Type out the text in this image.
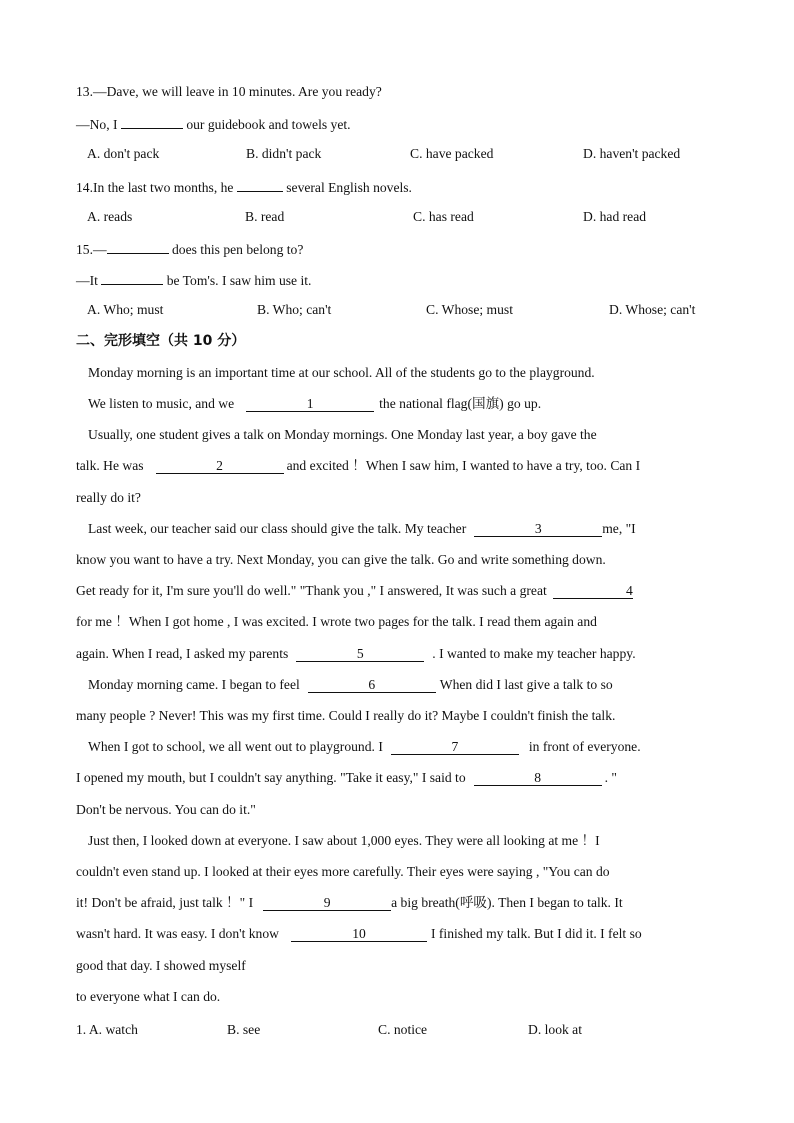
13.—Dave, we will leave in 10 minutes. Are you ready?
—No, I	our guidebook and towels yet.
A. don't pack	B. didn't pack	C. have packed	D. haven't packed
14.In the last two months, he	several English novels.
A. reads	B. read	C. has read	D. had read
15.—	does this pen belong to?
—It	be Tom's. I saw him use it.
A. Who; must	B. Who; can't	C. Whose; must	D. Whose; can't
二、完形填空（共 10 分）
Monday morning is an important time at our school. All of the students go to the playground.
We listen to music, and we	1	the national flag(国旗) go up.
Usually, one student gives a talk on Monday mornings. One Monday last year, a boy gave the
talk. He was	2	and excited ！When I saw him, I wanted to have a try, too. Can I
really do it?
Last week, our teacher said our class should give the talk. My teacher	3	me, "I
know you want to have a try. Next Monday, you can give the talk. Go and write something down.
Get ready for it, I'm sure you'll do well." "Thank you ," I answered, It was such a great	4
for me ！When I got home , I was excited. I wrote two pages for the talk. I read them again and
again. When I read, I asked my parents	5	. I wanted to make my teacher happy.
Monday morning came. I began to feel	6	When did I last give a talk to so
many people ? Never! This was my first time. Could I really do it? Maybe I couldn't finish the talk.
When I got to school, we all went out to playground. I	7	in front of everyone.
I opened my mouth, but I couldn't say anything. "Take it easy," I said to	8	. "
Don't be nervous. You can do it."
Just then, I looked down at everyone. I saw about 1,000 eyes. They were all looking at me ！I
couldn't even stand up. I looked at their eyes more carefully. Their eyes were saying , "You can do
it! Don't be afraid, just talk ！" I	9	a big breath(呼吸). Then I began to talk. It
wasn't hard. It was easy. I don't know	10	I finished my talk. But I did it. I felt so
good that day. I showed myself
to everyone what I can do.
1. A. watch	B. see	C. notice	D. look at
